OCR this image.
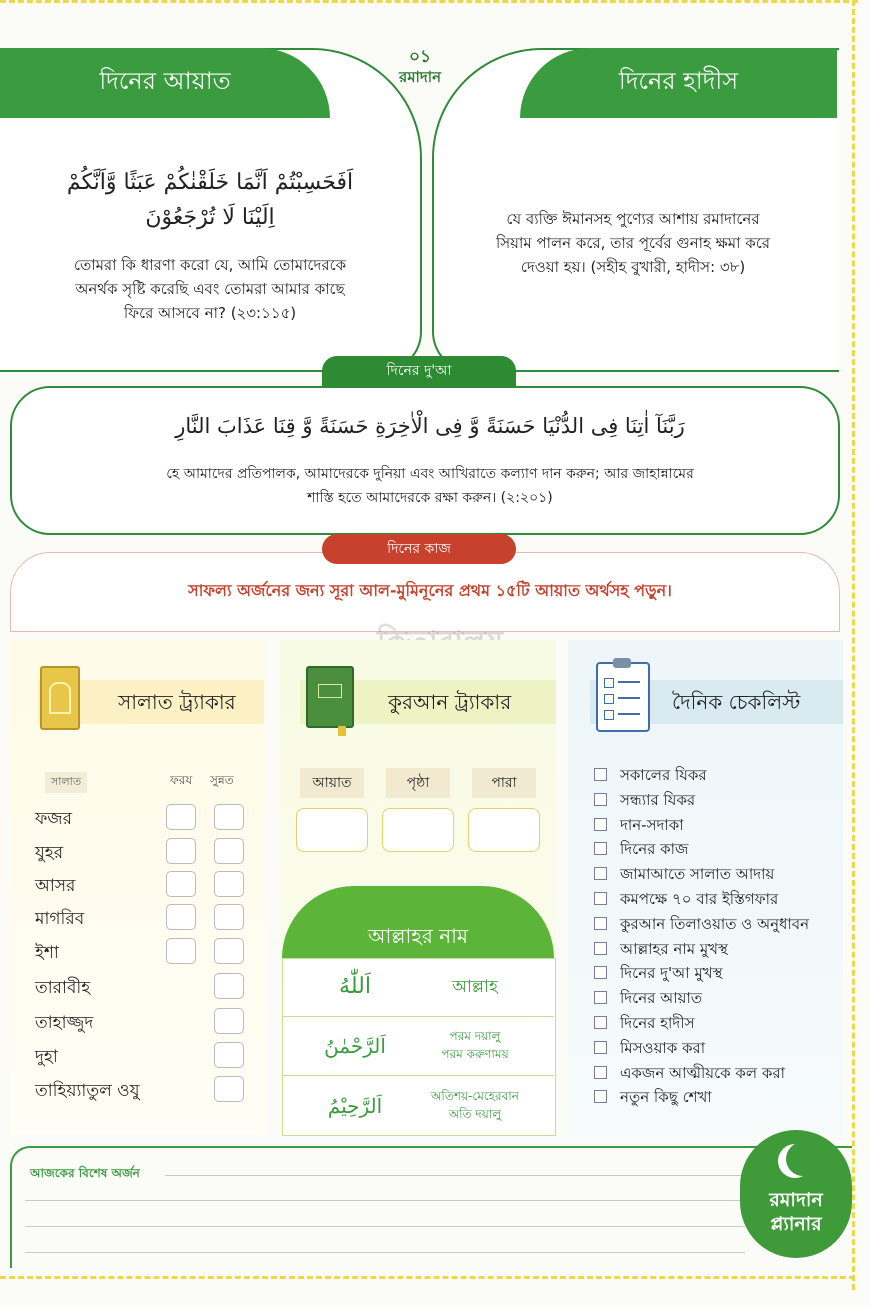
দিনের আয়াত
اَفَحَسِبْتُمْ اَنَّمَا خَلَقْنٰكُمْ عَبَثًا وَّاَنَّكُمْ
اِلَيْنَا لَا تُرْجَعُوْنَ
তোমরা কি ধারণা করো যে, আমি তোমাদেরকে
অনর্থক সৃষ্টি করেছি এবং তোমরা আমার কাছে
ফিরে আসবে না? (২৩:১১৫)
০১
রমাদান	দিনের হাদীস
যে ব্যক্তি ঈমানসহ পুণ্যের আশায় রমাদানের
সিয়াম পালন করে, তার পূর্বের গুনাহ ক্ষমা করে
দেওয়া হয়। (সহীহ বুখারী, হাদীস: ৩৮)
দিনের দু'আ
رَبَّنَآ اٰتِنَا فِى الدُّنْيَا حَسَنَةً وَّ فِى الْاٰخِرَةِ حَسَنَةً وَّ قِنَا عَذَابَ النَّارِ
হে আমাদের প্রতিপালক, আমাদেরকে দুনিয়া এবং আখিরাতে কল্যাণ দান করুন; আর জাহান্নামের
শাস্তি হতে আমাদেরকে রক্ষা করুন। (২:২০১)
দিনের কাজ
সাফল্য অর্জনের জন্য সূরা আল-মুমিনূনের প্রথম ১৫টি আয়াত অর্থসহ পড়ুন।
সালাত ট্র্যাকার
সালাত	ফরয সুন্নত
ফজর
যুহর
আসর
মাগরিব
ইশা
তারাবীহ
তাহাজ্জুদ
দুহা
তাহিয়্যাতুল ওযু
কুরআন ট্র্যাকার
আয়াত	পৃষ্ঠা	পারা
আল্লাহর নাম
اَللّٰهُ	আল্লাহ
اَلرَّحْمٰنُ	পরম দয়ালু
পরম করুণাময়
اَلرَّحِيْمُ	অতিশয়-মেহেরবান
অতি দয়ালু
দৈনিক চেকলিস্ট
সকালের যিকর
সন্ধ্যার যিকর
দান-সদাকা
দিনের কাজ
জামাআতে সালাত আদায়
কমপক্ষে ৭০ বার ইস্তিগফার
কুরআন তিলাওয়াত ও অনুধাবন
আল্লাহর নাম মুখস্থ
দিনের দু'আ মুখস্থ
দিনের আয়াত
দিনের হাদীস
মিসওয়াক করা
একজন আত্মীয়কে কল করা
নতুন কিছু শেখা
আজকের বিশেষ অর্জন
রমাদান
প্ল্যানার
